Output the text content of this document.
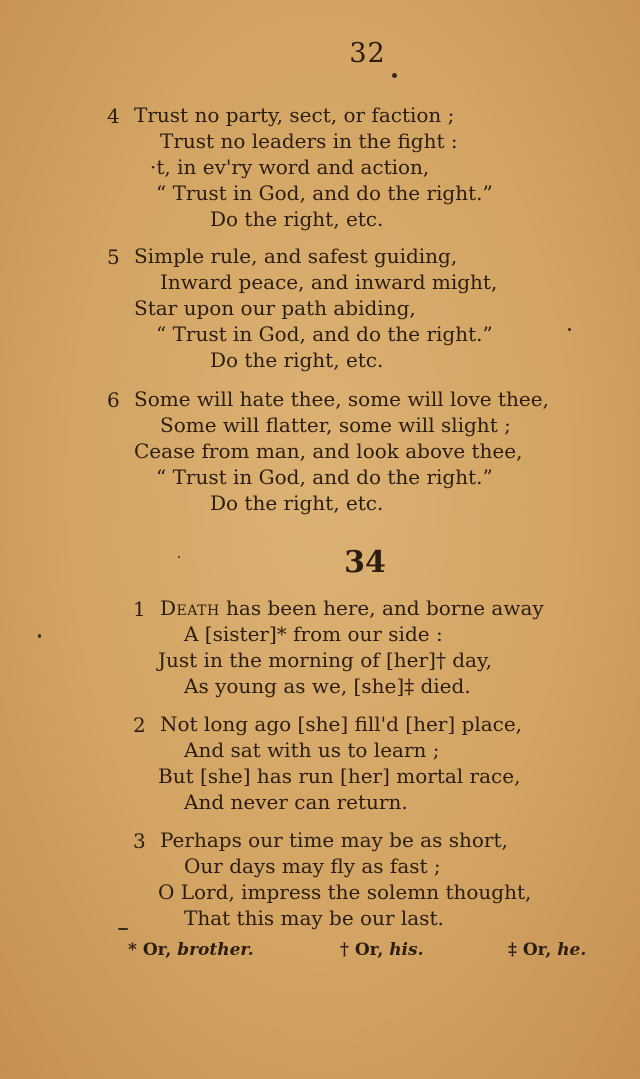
32
4 Trust no party, sect, or faction ;
Trust no leaders in the fight :
·t, in ev'ry word and action,
“ Trust in God, and do the right.”
Do the right, etc.
5 Simple rule, and safest guiding,
Inward peace, and inward might,
Star upon our path abiding,
“ Trust in God, and do the right.”
Do the right, etc.
6 Some will hate thee, some will love thee,
Some will flatter, some will slight ;
Cease from man, and look above thee,
“ Trust in God, and do the right.”
Do the right, etc.
34
1 Death has been here, and borne away
A [sister]* from our side :
Just in the morning of [her]† day,
As young as we, [she]‡ died.
2 Not long ago [she] fill'd [her] place,
And sat with us to learn ;
But [she] has run [her] mortal race,
And never can return.
3 Perhaps our time may be as short,
Our days may fly as fast ;
O Lord, impress the solemn thought,
That this may be our last.
* Or, brother.	† Or, his.	‡ Or, he.
